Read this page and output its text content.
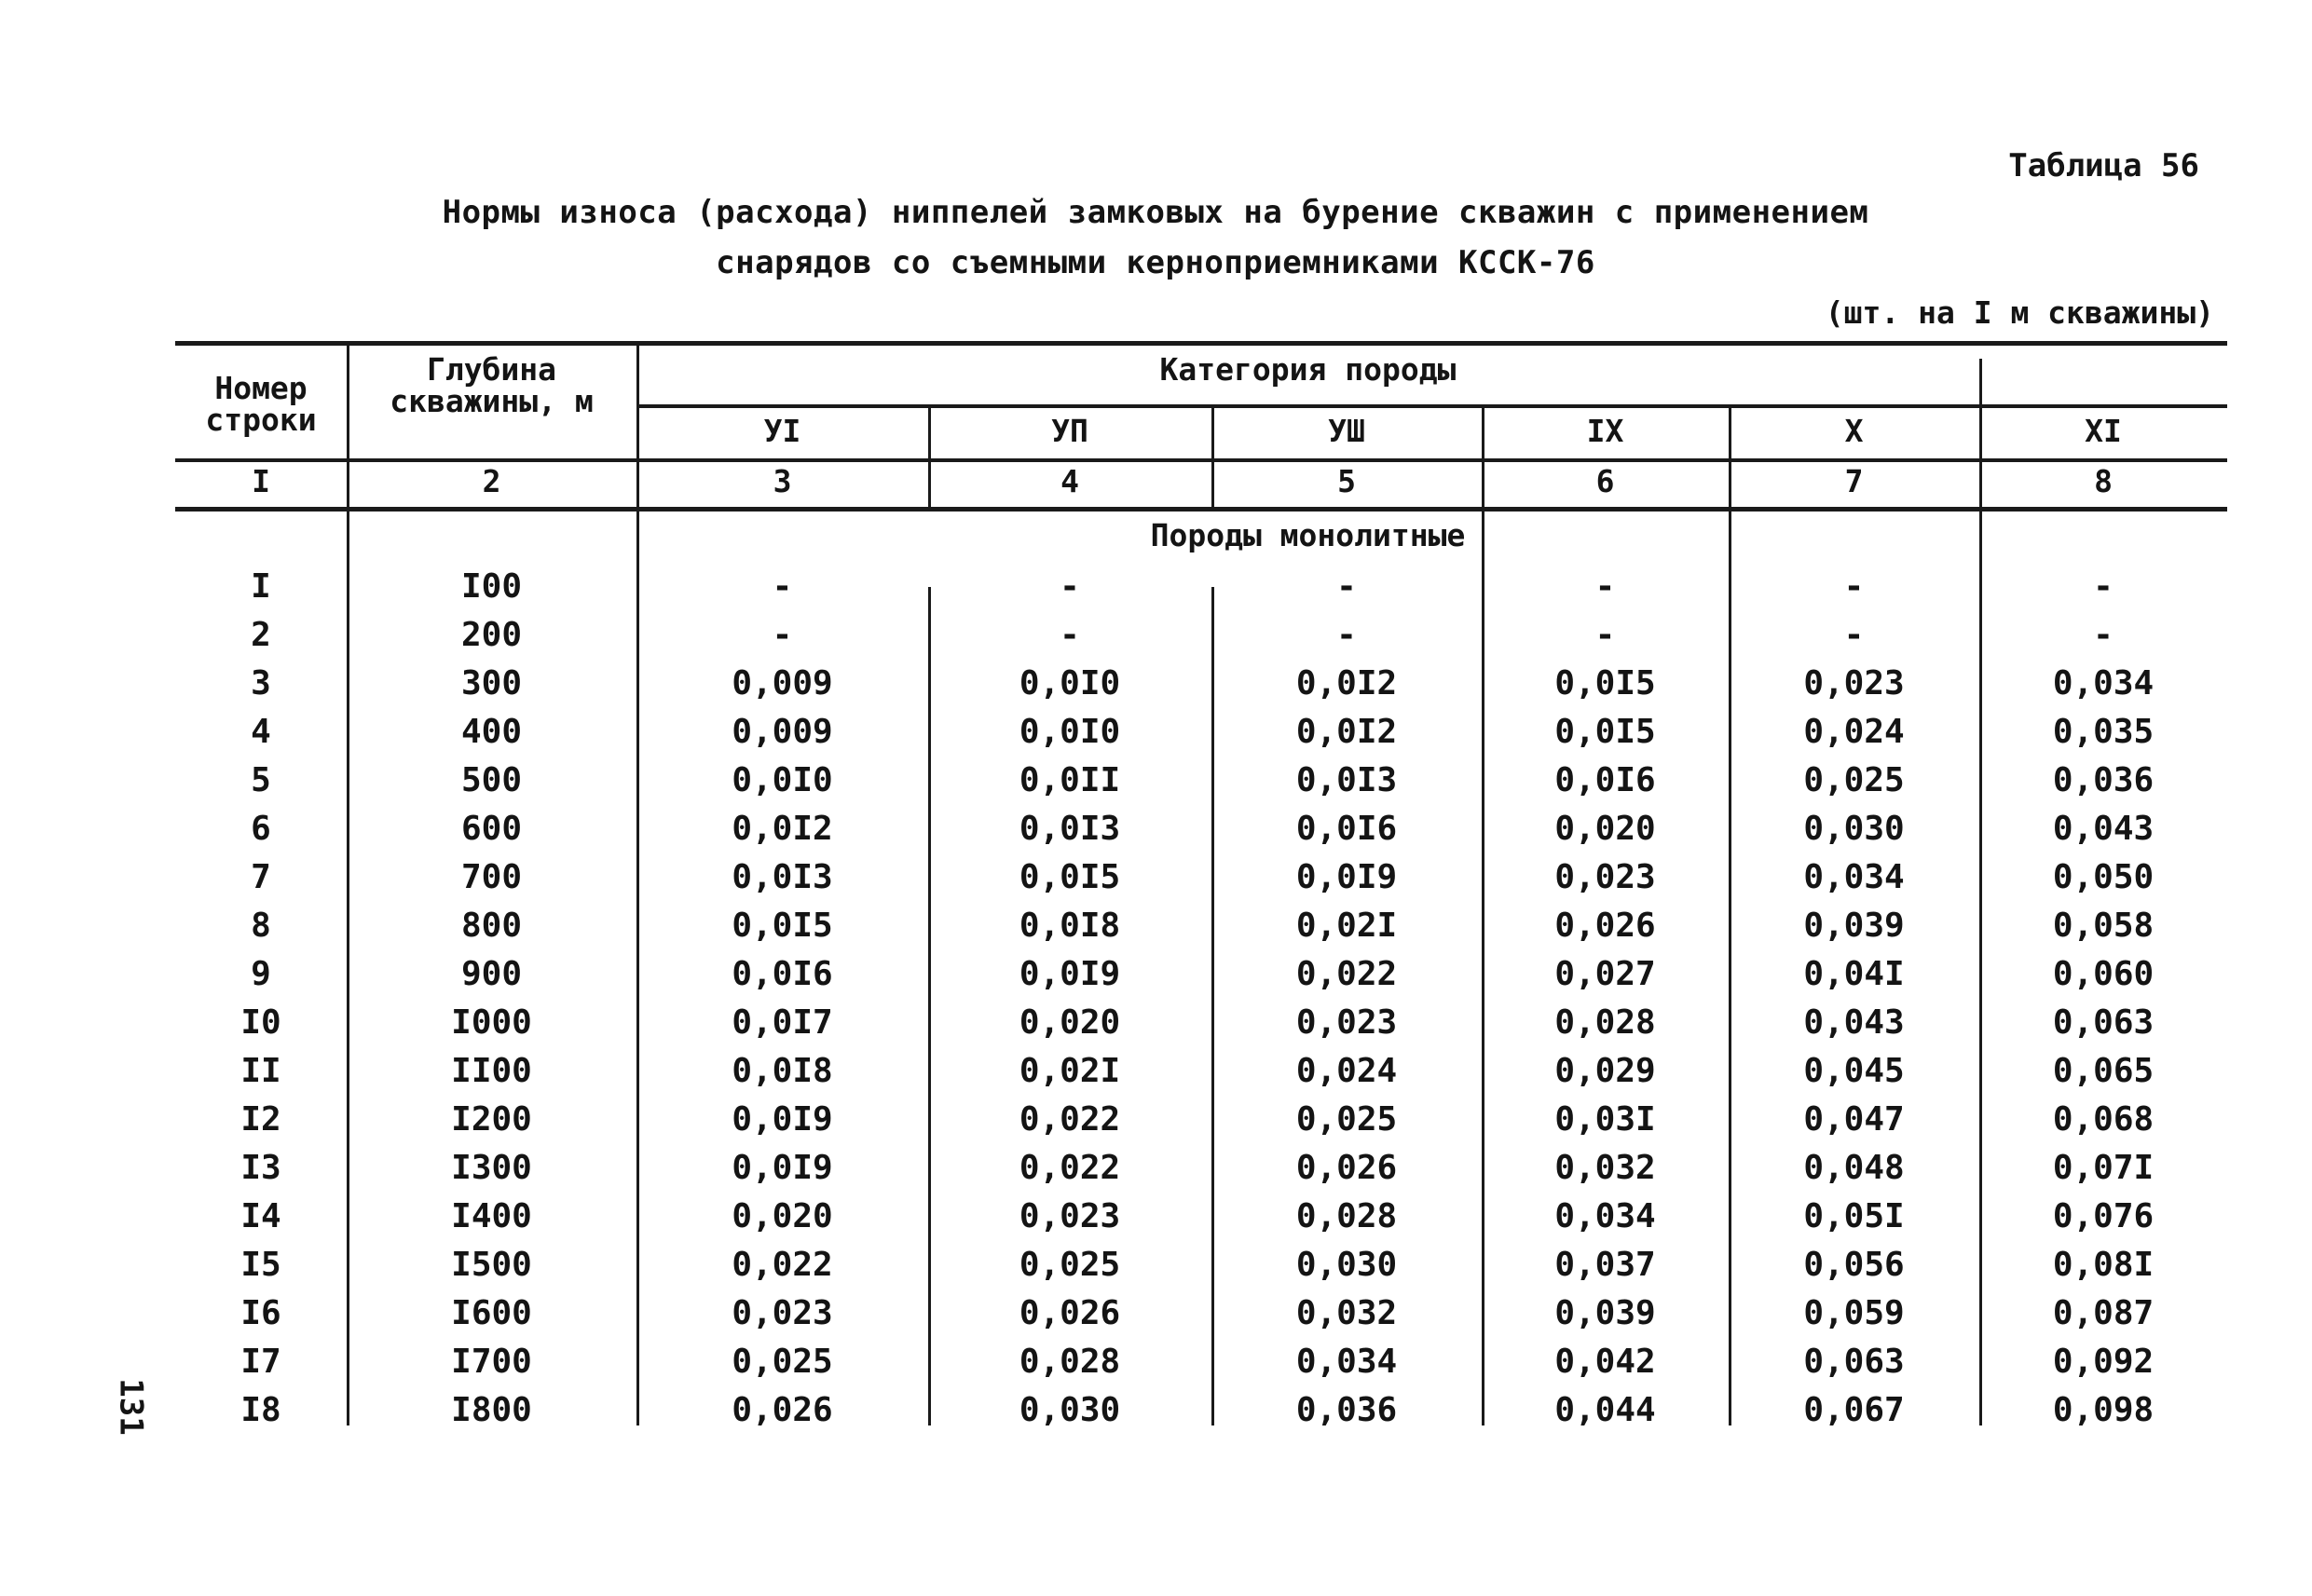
Таблица 56
Нормы износа (расхода) ниппелей замковых на бурение скважин с применением
снарядов со съемными керноприемниками КССК-76
(шт. на I м скважины)
Номер строки
Глубина скважины, м
Категория породы
УI	УП	УШ	IX	X	XI
I	2	3	4	5	6	7	8
Породы монолитные
I	I00	-	-	-	-	-	-
2	200	-	-	-	-	-	-
3	300	0,009	0,0I0	0,0I2	0,0I5	0,023	0,034
4	400	0,009	0,0I0	0,0I2	0,0I5	0,024	0,035
5	500	0,0I0	0,0II	0,0I3	0,0I6	0,025	0,036
6	600	0,0I2	0,0I3	0,0I6	0,020	0,030	0,043
7	700	0,0I3	0,0I5	0,0I9	0,023	0,034	0,050
8	800	0,0I5	0,0I8	0,02I	0,026	0,039	0,058
9	900	0,0I6	0,0I9	0,022	0,027	0,04I	0,060
I0	I000	0,0I7	0,020	0,023	0,028	0,043	0,063
II	II00	0,0I8	0,02I	0,024	0,029	0,045	0,065
I2	I200	0,0I9	0,022	0,025	0,03I	0,047	0,068
I3	I300	0,0I9	0,022	0,026	0,032	0,048	0,07I
I4	I400	0,020	0,023	0,028	0,034	0,05I	0,076
I5	I500	0,022	0,025	0,030	0,037	0,056	0,08I
I6	I600	0,023	0,026	0,032	0,039	0,059	0,087
I7	I700	0,025	0,028	0,034	0,042	0,063	0,092
I8	I800	0,026	0,030	0,036	0,044	0,067	0,098
131
